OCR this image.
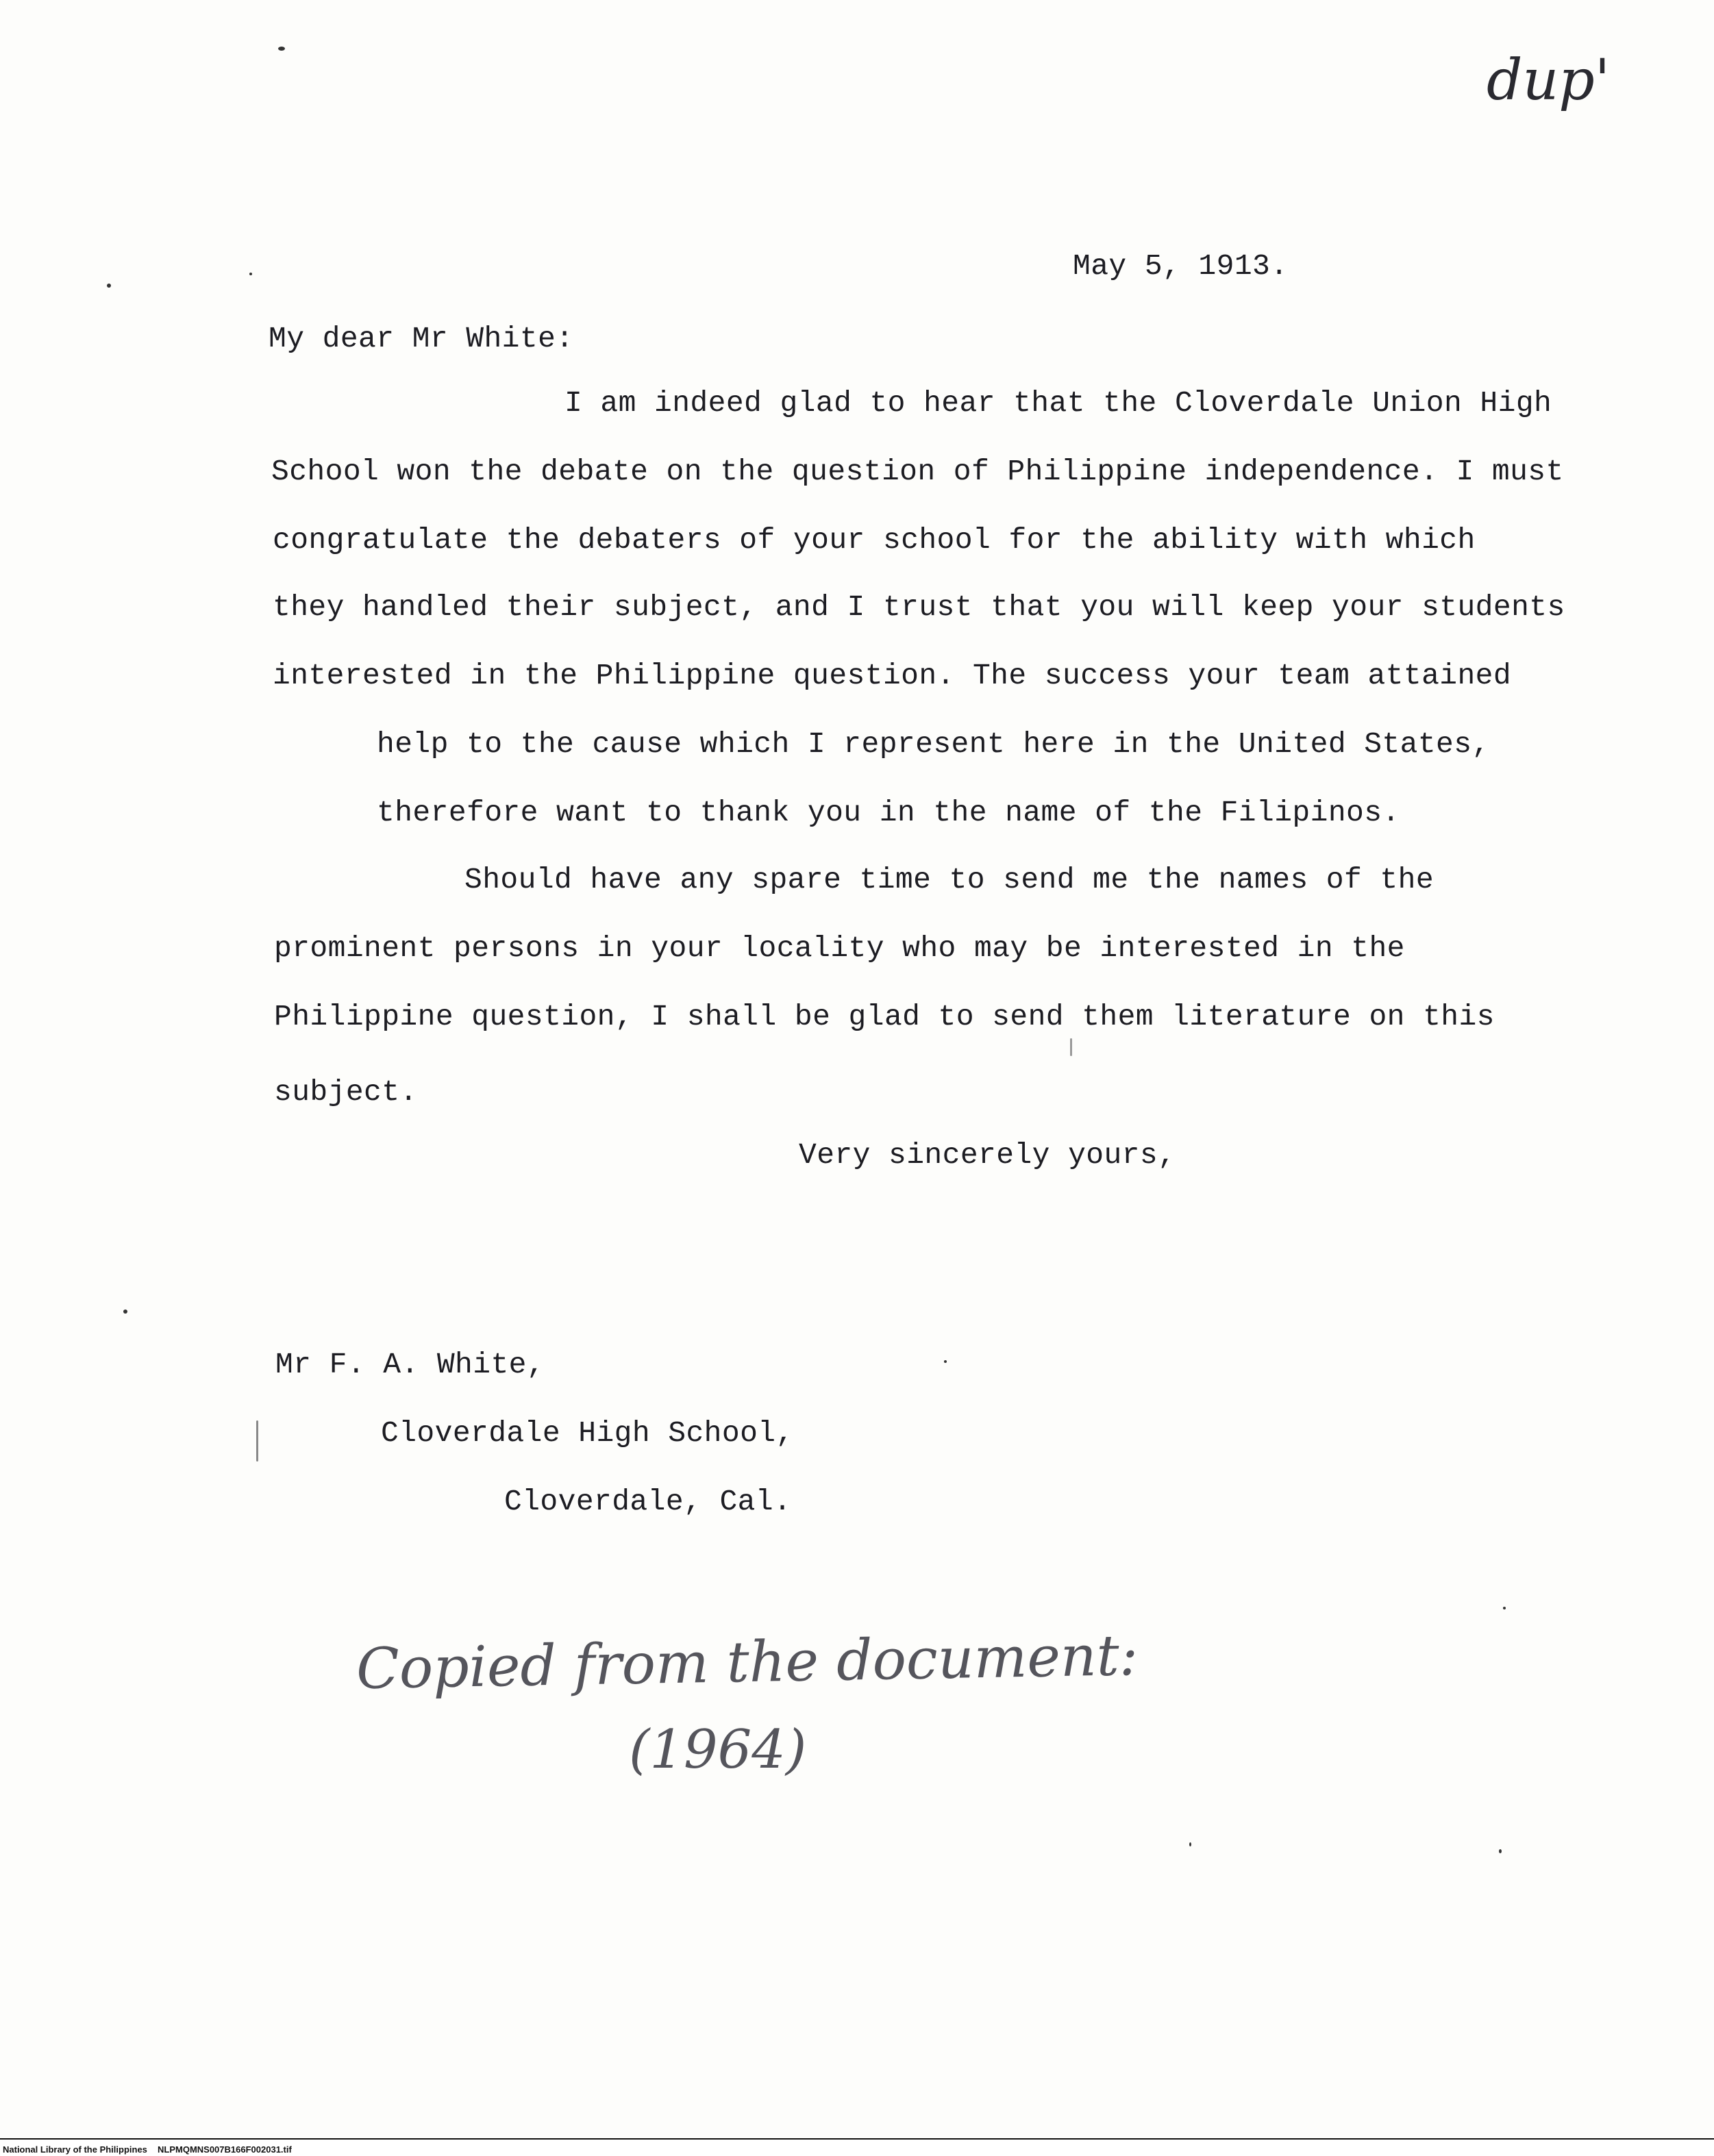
dup'
May 5, 1913.
My dear Mr White:
I am indeed glad to hear that the Cloverdale Union High
School won the debate on the question of Philippine independence. I must
congratulate the debaters of your school for the ability with which
they handled their subject, and I trust that you will keep your students
interested in the Philippine question. The success your team attained
help to the cause which I represent here in the United States,
therefore want to thank you in the name of the Filipinos.
Should have any spare time to send me the names of the
prominent persons in your locality who may be interested in the
Philippine question, I shall be glad to send them literature on this
subject.
Very sincerely yours,
Mr F. A. White,
Cloverdale High School,
Cloverdale, Cal.
Copied from the document:
(1964)
National Library of the Philippines NLPMQMNS007B166F002031.tif
